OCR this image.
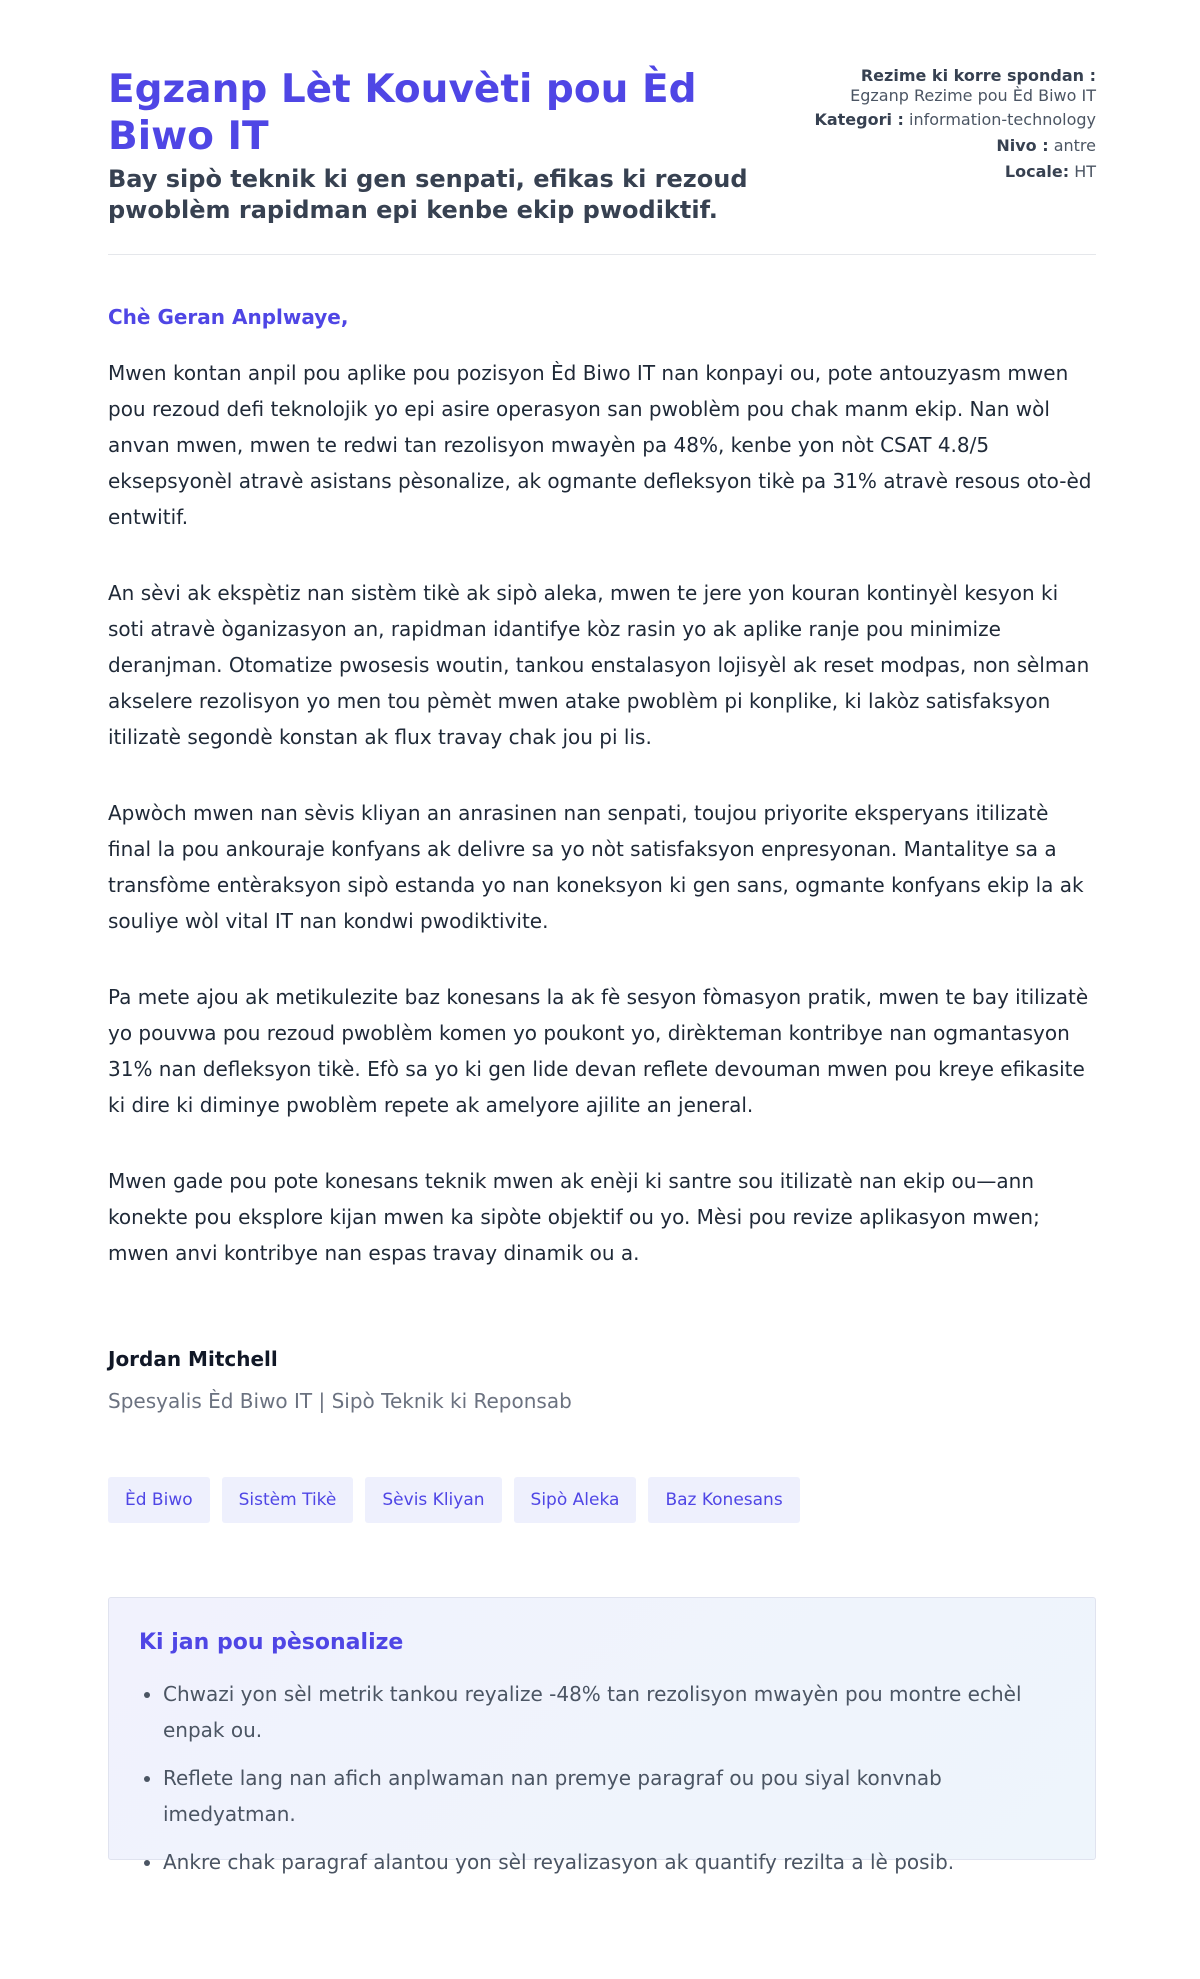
Egzanp Lèt Kouvèti pou Èd Biwo IT
Bay sipò teknik ki gen senpati, efikas ki rezoud pwoblèm rapidman epi kenbe ekip pwodiktif.
Rezime ki korre spondan :
Egzanp Rezime pou Èd Biwo IT
Kategori : information-technology
Nivo : antre
Locale: HT

Chè Geran Anplwaye,

Mwen kontan anpil pou aplike pou pozisyon Èd Biwo IT nan konpayi ou, pote antouzyasm mwen pou rezoud defi teknolojik yo epi asire operasyon san pwoblèm pou chak manm ekip. Nan wòl anvan mwen, mwen te redwi tan rezolisyon mwayèn pa 48%, kenbe yon nòt CSAT 4.8/5 eksepsyonèl atravè asistans pèsonalize, ak ogmante defleksyon tikè pa 31% atravè resous oto-èd entwitif.

An sèvi ak ekspètiz nan sistèm tikè ak sipò aleka, mwen te jere yon kouran kontinyèl kesyon ki soti atravè òganizasyon an, rapidman idantifye kòz rasin yo ak aplike ranje pou minimize deranjman. Otomatize pwosesis woutin, tankou enstalasyon lojisyèl ak reset modpas, non sèlman akselere rezolisyon yo men tou pèmèt mwen atake pwoblèm pi konplike, ki lakòz satisfaksyon itilizatè segondè konstan ak flux travay chak jou pi lis.

Apwòch mwen nan sèvis kliyan an anrasinen nan senpati, toujou priyorite eksperyans itilizatè final la pou ankouraje konfyans ak delivre sa yo nòt satisfaksyon enpresyonan. Mantalitye sa a transfòme entèraksyon sipò estanda yo nan koneksyon ki gen sans, ogmante konfyans ekip la ak souliye wòl vital IT nan kondwi pwodiktivite.

Pa mete ajou ak metikulezite baz konesans la ak fè sesyon fòmasyon pratik, mwen te bay itilizatè yo pouvwa pou rezoud pwoblèm komen yo poukont yo, dirèkteman kontribye nan ogmantasyon 31% nan defleksyon tikè. Efò sa yo ki gen lide devan reflete devouman mwen pou kreye efikasite ki dire ki diminye pwoblèm repete ak amelyore ajilite an jeneral.

Mwen gade pou pote konesans teknik mwen ak enèji ki santre sou itilizatè nan ekip ou—ann konekte pou eksplore kijan mwen ka sipòte objektif ou yo. Mèsi pou revize aplikasyon mwen; mwen anvi kontribye nan espas travay dinamik ou a.

Jordan Mitchell
Spesyalis Èd Biwo IT | Sipò Teknik ki Reponsab
Èd Biwo	Sistèm Tikè	Sèvis Kliyan	Sipò Aleka	Baz Konesans
Ki jan pou pèsonalize
• Chwazi yon sèl metrik tankou reyalize -48% tan rezolisyon mwayèn pou montre echèl enpak ou.
• Reflete lang nan afich anplwaman nan premye paragraf ou pou siyal konvnab imedyatman.
• Ankre chak paragraf alantou yon sèl reyalizasyon ak quantify rezilta a lè posib.
